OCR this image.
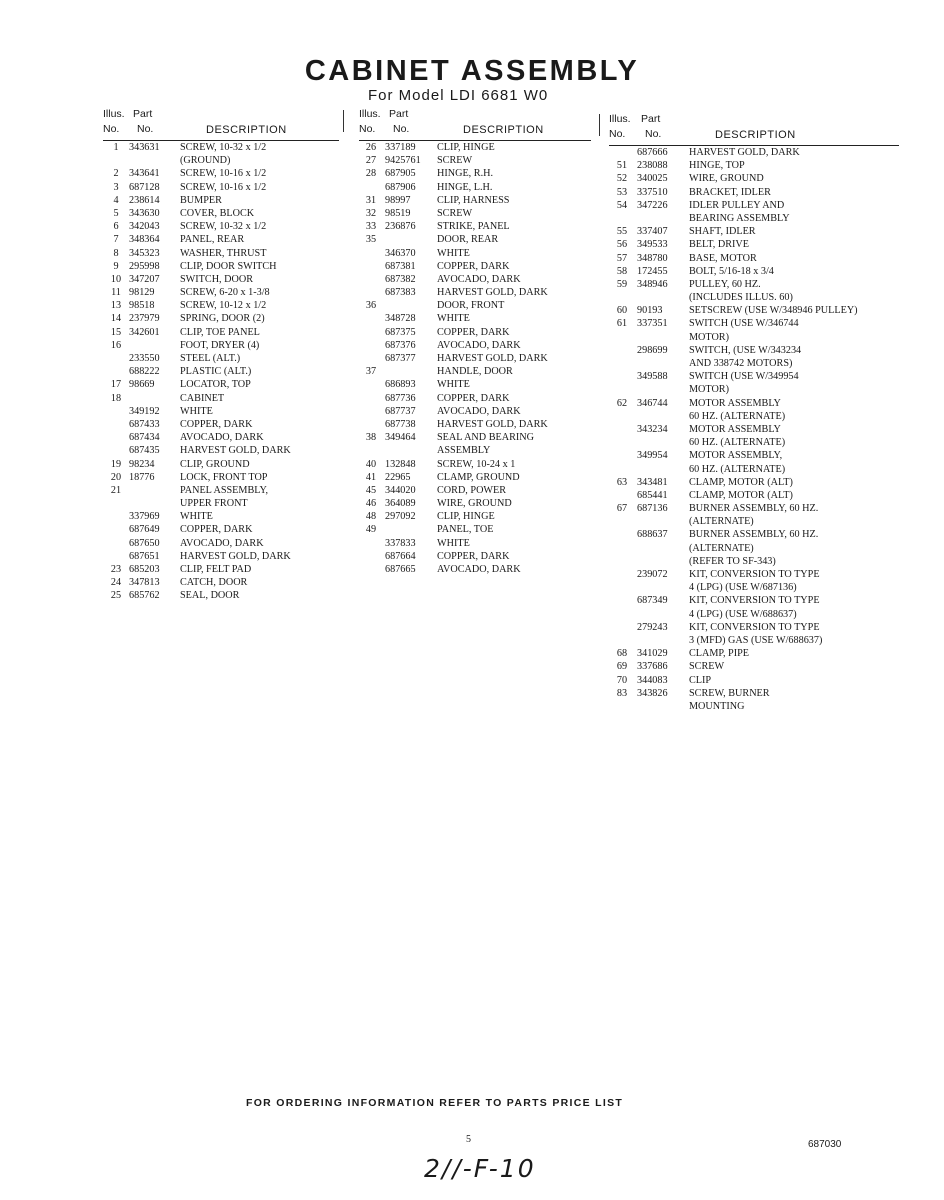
CABINET ASSEMBLY
For Model LDI 6681 W0
Illus. Part
No. No.	DESCRIPTION
1	343631 SCREW, 10-32 x 1/2
(GROUND)
2	343641 SCREW, 10-16 x 1/2
3	687128 SCREW, 10-16 x 1/2
4	238614 BUMPER
5	343630 COVER, BLOCK
6	342043 SCREW, 10-32 x 1/2
7	348364 PANEL, REAR
8	345323 WASHER, THRUST
9	295998 CLIP, DOOR SWITCH
10 347207 SWITCH, DOOR
11 98129	SCREW, 6-20 x 1-3/8
13 98518	SCREW, 10-12 x 1/2
14 237979 SPRING, DOOR (2)
15 342601 CLIP, TOE PANEL
16	FOOT, DRYER (4)
233550 STEEL (ALT.)
688222 PLASTIC (ALT.)
17 98669	LOCATOR, TOP
18	CABINET
349192 WHITE
687433 COPPER, DARK
687434 AVOCADO, DARK
687435 HARVEST GOLD, DARK
19 98234	CLIP, GROUND
20 18776	LOCK, FRONT TOP
21	PANEL ASSEMBLY,
UPPER FRONT
337969 WHITE
687649 COPPER, DARK
687650 AVOCADO, DARK
687651 HARVEST GOLD, DARK
23 685203 CLIP, FELT PAD
24 347813 CATCH, DOOR
25 685762 SEAL, DOOR
Illus. Part
No. No.	DESCRIPTION
26 337189 CLIP, HINGE
27 9425761 SCREW
28 687905 HINGE, R.H.
687906 HINGE, L.H.
31 98997	CLIP, HARNESS
32 98519	SCREW
33 236876 STRIKE, PANEL
35	DOOR, REAR
346370 WHITE
687381 COPPER, DARK
687382 AVOCADO, DARK
687383 HARVEST GOLD, DARK
36	DOOR, FRONT
348728 WHITE
687375 COPPER, DARK
687376 AVOCADO, DARK
687377 HARVEST GOLD, DARK
37	HANDLE, DOOR
686893 WHITE
687736 COPPER, DARK
687737 AVOCADO, DARK
687738 HARVEST GOLD, DARK
38 349464 SEAL AND BEARING
ASSEMBLY
40 132848 SCREW, 10-24 x 1
41 22965	CLAMP, GROUND
45 344020 CORD, POWER
46 364089 WIRE, GROUND
48 297092 CLIP, HINGE
49	PANEL, TOE
337833 WHITE
687664 COPPER, DARK
687665 AVOCADO, DARK
Illus. Part
No. No.	DESCRIPTION
687666 HARVEST GOLD, DARK
51 238088 HINGE, TOP
52 340025 WIRE, GROUND
53 337510 BRACKET, IDLER
54 347226 IDLER PULLEY AND
BEARING ASSEMBLY
55 337407 SHAFT, IDLER
56 349533 BELT, DRIVE
57 348780 BASE, MOTOR
58 172455 BOLT, 5/16-18 x 3/4
59 348946 PULLEY, 60 HZ.
(INCLUDES ILLUS. 60)
60 90193	SETSCREW (USE W/348946 PULLEY)
61 337351 SWITCH (USE W/346744
MOTOR)
298699 SWITCH, (USE W/343234
AND 338742 MOTORS)
349588 SWITCH (USE W/349954
MOTOR)
62 346744 MOTOR ASSEMBLY
60 HZ. (ALTERNATE)
343234 MOTOR ASSEMBLY
60 HZ. (ALTERNATE)
349954 MOTOR ASSEMBLY,
60 HZ. (ALTERNATE)
63 343481 CLAMP, MOTOR (ALT)
685441 CLAMP, MOTOR (ALT)
67 687136 BURNER ASSEMBLY, 60 HZ.
(ALTERNATE)
688637 BURNER ASSEMBLY, 60 HZ.
(ALTERNATE)
(REFER TO SF-343)
239072 KIT, CONVERSION TO TYPE
4 (LPG) (USE W/687136)
687349 KIT, CONVERSION TO TYPE
4 (LPG) (USE W/688637)
279243 KIT, CONVERSION TO TYPE
3 (MFD) GAS (USE W/688637)
68 341029 CLAMP, PIPE
69 337686 SCREW
70 344083 CLIP
83 343826 SCREW, BURNER
MOUNTING
FOR ORDERING INFORMATION REFER TO PARTS PRICE LIST
5	687030
2//-F-10
